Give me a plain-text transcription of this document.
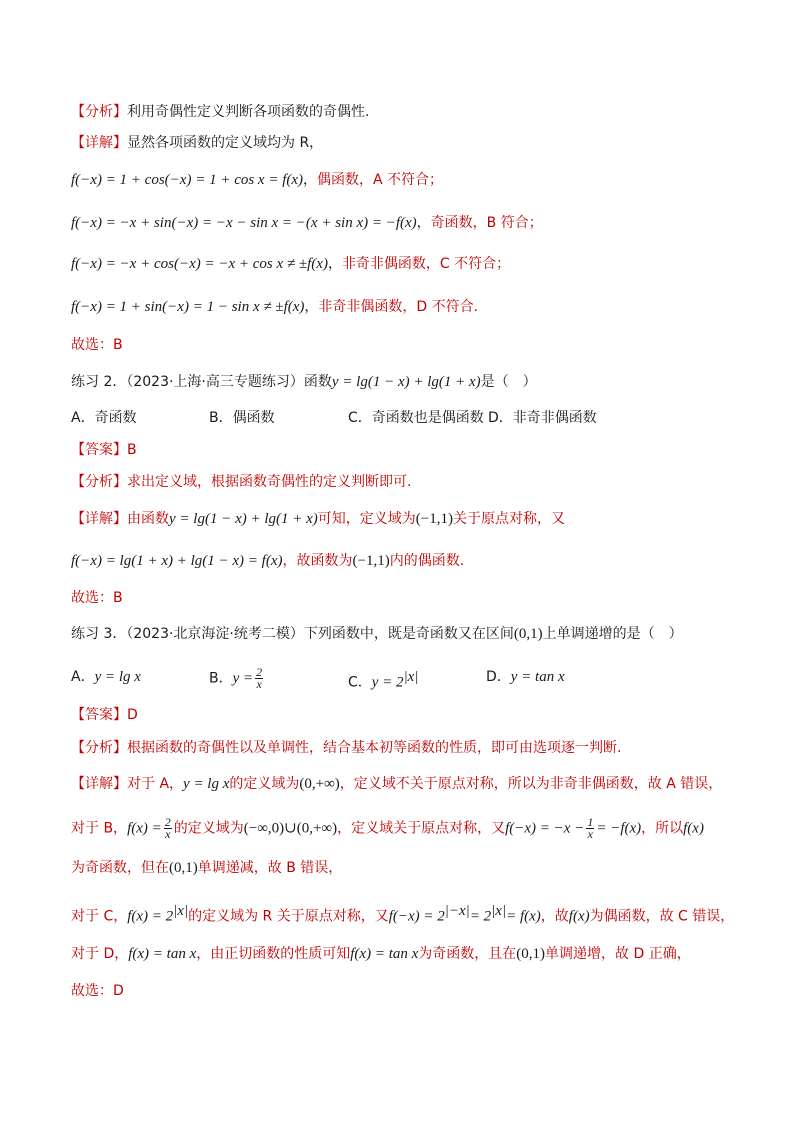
【分析】利用奇偶性定义判断各项函数的奇偶性.
【详解】显然各项函数的定义域均为 R，
f(−x) = 1 + cos(−x) = 1 + cos x = f(x)，偶函数，A 不符合；
f(−x) = −x + sin(−x) = −x − sin x = −(x + sin x) = −f(x)，奇函数，B 符合；
f(−x) = −x + cos(−x) = −x + cos x ≠ ±f(x)，非奇非偶函数，C 不符合；
f(−x) = 1 + sin(−x) = 1 − sin x ≠ ±f(x)，非奇非偶函数，D 不符合.
故选：B
练习 2．（2023·上海·高三专题练习）函数y = lg(1 − x) + lg(1 + x)是（　）
A．奇函数	B．偶函数	C．奇函数也是偶函数 D．非奇非偶函数
【答案】B
【分析】求出定义域，根据函数奇偶性的定义判断即可.
【详解】由函数y = lg(1 − x) + lg(1 + x)可知，定义域为(−1,1)关于原点对称，又
f(−x) = lg(1 + x) + lg(1 − x) = f(x)，故函数为(−1,1)内的偶函数.
故选：B
练习 3．（2023·北京海淀·统考二模）下列函数中，既是奇函数又在区间(0,1)上单调递增的是（　）
A．y = lg x	B．$y = \frac{2}{x}$	C．$y = 2^{|x|}$	D．y = tan x
【答案】D
【分析】根据函数的奇偶性以及单调性，结合基本初等函数的性质，即可由选项逐一判断.
【详解】对于 A，y = lg x的定义域为(0,+∞)，定义域不关于原点对称，所以为非奇非偶函数，故 A 错误，
对于 B，$f(x) = \frac{2}{x}$ 的定义域为(−∞,0)∪(0,+∞)，定义域关于原点对称，又$f(-x) = -x - \frac{1}{x} = -f(x)$，所以f(x)
为奇函数，但在(0,1)单调递减，故 B 错误，
对于 C，$f(x) = 2^{|x|}$的定义域为 R 关于原点对称，又$f(-x) = 2^{|-x|}= 2^{|x|}= f(x)$，故f(x)为偶函数，故 C 错误，
对于 D，f(x) = tan x，由正切函数的性质可知f(x) = tan x为奇函数，且在(0,1)单调递增，故 D 正确，
故选：D
